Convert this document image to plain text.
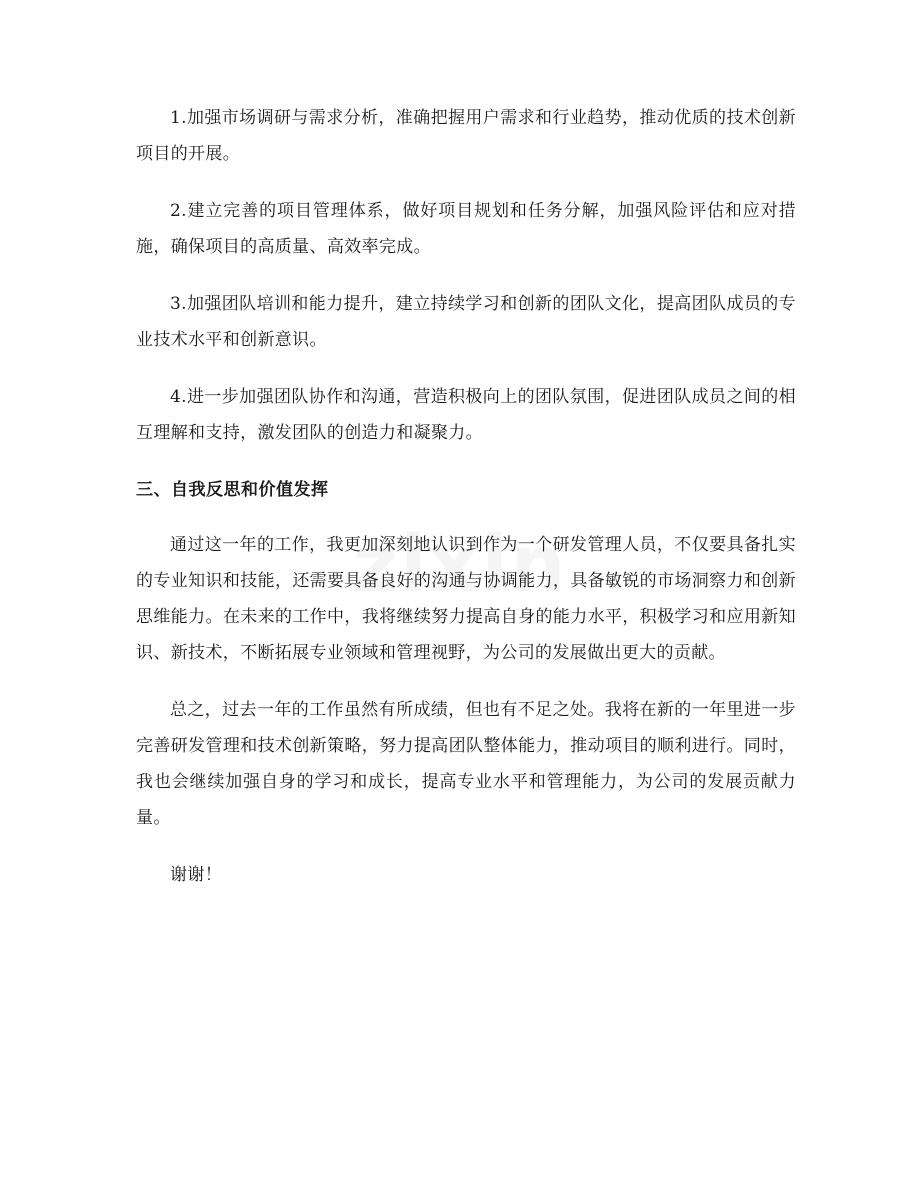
1.加强市场调研与需求分析，准确把握用户需求和行业趋势，推动优质的技术创新项目的开展。

2.建立完善的项目管理体系，做好项目规划和任务分解，加强风险评估和应对措施，确保项目的高质量、高效率完成。

3.加强团队培训和能力提升，建立持续学习和创新的团队文化，提高团队成员的专业技术水平和创新意识。

4.进一步加强团队协作和沟通，营造积极向上的团队氛围，促进团队成员之间的相互理解和支持，激发团队的创造力和凝聚力。

三、自我反思和价值发挥

通过这一年的工作，我更加深刻地认识到作为一个研发管理人员，不仅要具备扎实的专业知识和技能，还需要具备良好的沟通与协调能力，具备敏锐的市场洞察力和创新思维能力。在未来的工作中，我将继续努力提高自身的能力水平，积极学习和应用新知识、新技术，不断拓展专业领域和管理视野，为公司的发展做出更大的贡献。

总之，过去一年的工作虽然有所成绩，但也有不足之处。我将在新的一年里进一步完善研发管理和技术创新策略，努力提高团队整体能力，推动项目的顺利进行。同时，我也会继续加强自身的学习和成长，提高专业水平和管理能力，为公司的发展贡献力量。

谢谢！
